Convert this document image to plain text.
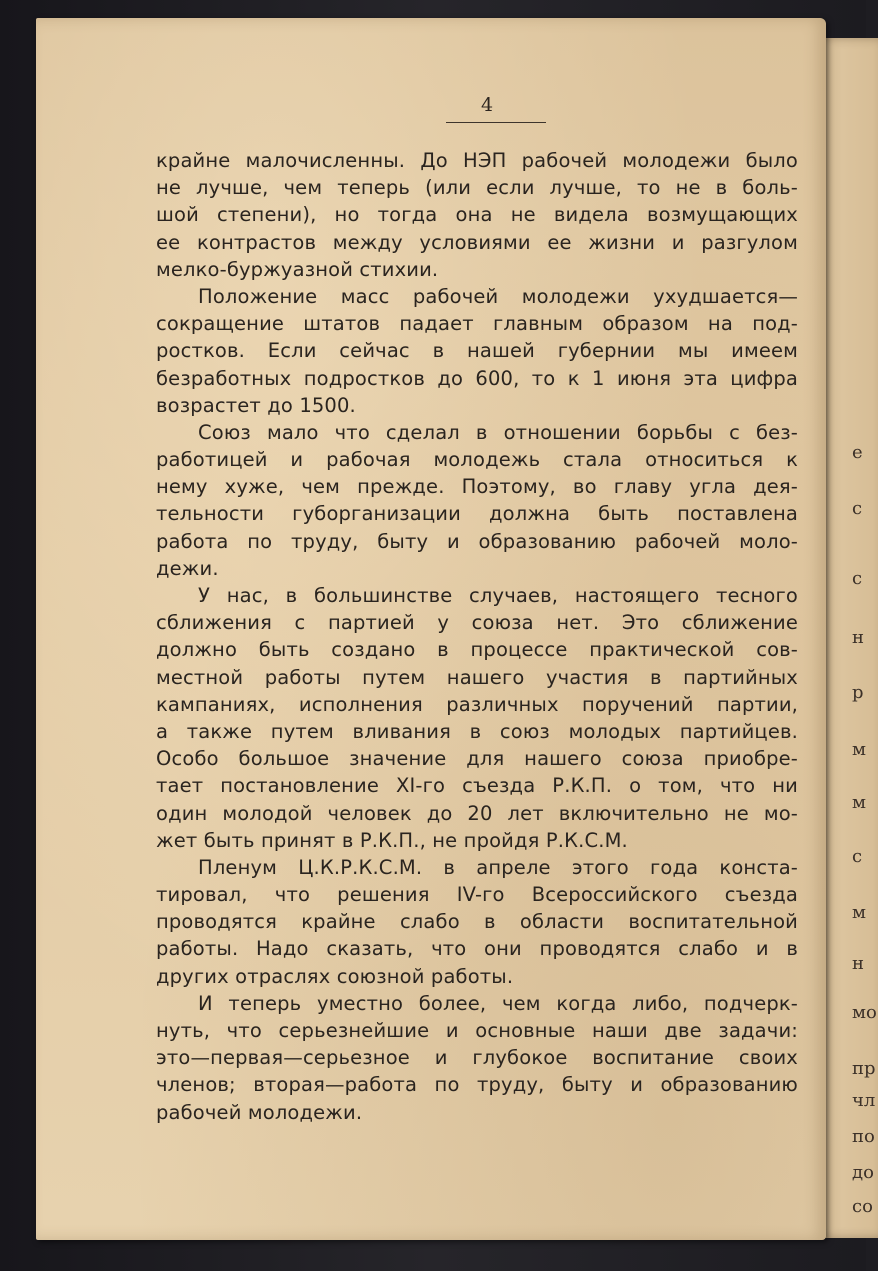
е
с
с
н
р
м
м
с
м
н
мо
пр
чл
по
до
со
4
крайне малочисленны. До НЭП рабочей молодежи было
не лучше, чем теперь (или если лучше, то не в боль-
шой степени), но тогда она не видела возмущающих
ее контрастов между условиями ее жизни и разгулом
мелко-буржуазной стихии.
Положение масс рабочей молодежи ухудшается—
сокращение штатов падает главным образом на под-
ростков. Если сейчас в нашей губернии мы имеем
безработных подростков до 600, то к 1 июня эта цифра
возрастет до 1500.
Союз мало что сделал в отношении борьбы с без-
работицей и рабочая молодежь стала относиться к
нему хуже, чем прежде. Поэтому, во главу угла дея-
тельности губорганизации должна быть поставлена
работа по труду, быту и образованию рабочей моло-
дежи.
У нас, в большинстве случаев, настоящего тесного
сближения с партией у союза нет. Это сближение
должно быть создано в процессе практической сов-
местной работы путем нашего участия в партийных
кампаниях, исполнения различных поручений партии,
а также путем вливания в союз молодых партийцев.
Особо большое значение для нашего союза приобре-
тает постановление XI-го съезда Р.К.П. о том, что ни
один молодой человек до 20 лет включительно не мо-
жет быть принят в Р.К.П., не пройдя Р.К.С.М.
Пленум Ц.К.Р.К.С.М. в апреле этого года конста-
тировал, что решения IV-го Всероссийского съезда
проводятся крайне слабо в области воспитательной
работы. Надо сказать, что они проводятся слабо и в
других отраслях союзной работы.
И теперь уместно более, чем когда либо, подчерк-
нуть, что серьезнейшие и основные наши две задачи:
это—первая—серьезное и глубокое воспитание своих
членов; вторая—работа по труду, быту и образованию
рабочей молодежи.
